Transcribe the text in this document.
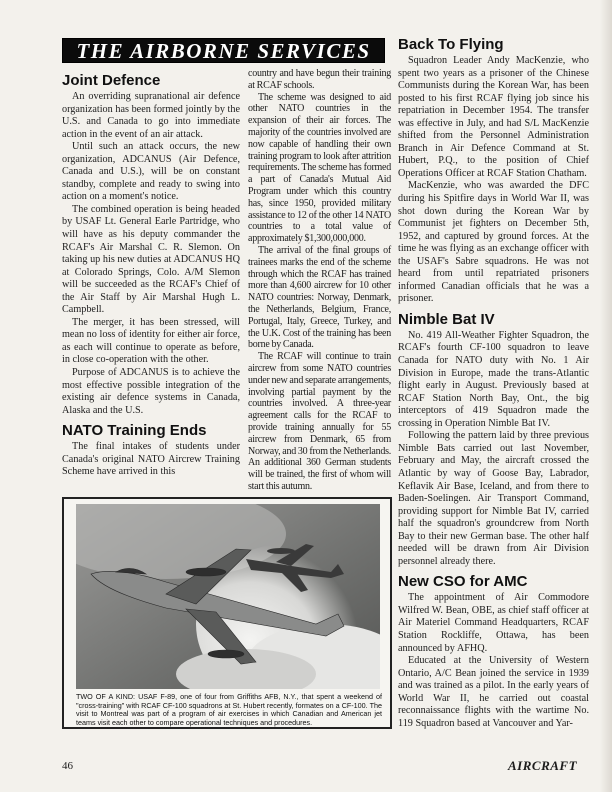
THE AIRBORNE SERVICES
Joint Defence

An overriding supranational air defence organization has been formed jointly by the U.S. and Canada to go into immediate action in the event of an air attack.

Until such an attack occurs, the new organization, ADCANUS (Air Defence, Canada and U.S.), will be on constant standby, complete and ready to swing into action on a moment's notice.

The combined operation is being headed by USAF Lt. General Earle Partridge, who will have as his deputy commander the RCAF's Air Marshal C. R. Slemon. On taking up his new duties at ADCANUS HQ at Colorado Springs, Colo. A/M Slemon will be succeeded as the RCAF's Chief of the Air Staff by Air Marshal Hugh L. Campbell.

The merger, it has been stressed, will mean no loss of identity for either air force, as each will continue to operate as before, in close co-operation with the other.

Purpose of ADCANUS is to achieve the most effective possible integration of the existing air defence systems in Canada, Alaska and the U.S.

NATO Training Ends

The final intakes of students under Canada's original NATO Aircrew Training Scheme have arrived in this

country and have begun their training at RCAF schools.

The scheme was designed to aid other NATO countries in the expansion of their air forces. The majority of the countries involved are now capable of handling their own training program to look after attrition requirements. The scheme has formed a part of Canada's Mutual Aid Program under which this country has, since 1950, provided military assistance to 12 of the other 14 NATO countries to a total value of approximately $1,300,000,000.

The arrival of the final groups of trainees marks the end of the scheme through which the RCAF has trained more than 4,600 aircrew for 10 other NATO countries: Norway, Denmark, the Netherlands, Belgium, France, Portugal, Italy, Greece, Turkey, and the U.K. Cost of the training has been borne by Canada.

The RCAF will continue to train aircrew from some NATO countries under new and separate arrangements, involving partial payment by the countries involved. A three-year agreement calls for the RCAF to provide training annually for 55 aircrew from Denmark, 65 from Norway, and 30 from the Netherlands. An additional 360 German students will be trained, the first of whom will start this autumn.

Back To Flying

Squadron Leader Andy MacKenzie, who spent two years as a prisoner of the Chinese Communists during the Korean War, has been posted to his first RCAF flying job since his repatriation in December 1954. The transfer was effective in July, and had S/L MacKenzie shifted from the Personnel Administration Branch in Air Defence Command at St. Hubert, P.Q., to the position of Chief Operations Officer at RCAF Station Chatham.

MacKenzie, who was awarded the DFC during his Spitfire days in World War II, was shot down during the Korean War by Communist jet fighters on December 5th, 1952, and captured by ground forces. At the time he was flying as an exchange officer with the USAF's Sabre squadrons. He was not heard from until repatriated prisoners informed Canadian officials that he was a prisoner.

Nimble Bat IV

No. 419 All-Weather Fighter Squadron, the RCAF's fourth CF-100 squadron to leave Canada for NATO duty with No. 1 Air Division in Europe, made the trans-Atlantic flight early in August. Previously based at RCAF Station North Bay, Ont., the big interceptors of 419 Squadron made the crossing in Operation Nimble Bat IV.

Following the pattern laid by three previous Nimble Bats carried out last November, February and May, the aircraft crossed the Atlantic by way of Goose Bay, Labrador, Keflavik Air Base, Iceland, and from there to Baden-Soelingen. Air Transport Command, providing support for Nimble Bat IV, carried half the squadron's groundcrew from North Bay to their new German base. The other half needed will be drawn from Air Division personnel already there.

New CSO for AMC

The appointment of Air Commodore Wilfred W. Bean, OBE, as chief staff officer at Air Materiel Command Headquarters, RCAF Station Rockliffe, Ottawa, has been announced by AFHQ.

Educated at the University of Western Ontario, A/C Bean joined the service in 1939 and was trained as a pilot. In the early years of World War II, he carried out coastal reconnaissance flights with the wartime No. 119 Squadron based at Vancouver and Yar-

TWO OF A KIND: USAF F-89, one of four from Griffiths AFB, N.Y., that spent a weekend of "cross-training" with RCAF CF-100 squadrons at St. Hubert recently, formates on a CF-100. The visit to Montreal was part of a program of air exercises in which Canadian and American jet teams visit each other to compare operational techniques and procedures.
46	AIRCRAFT
